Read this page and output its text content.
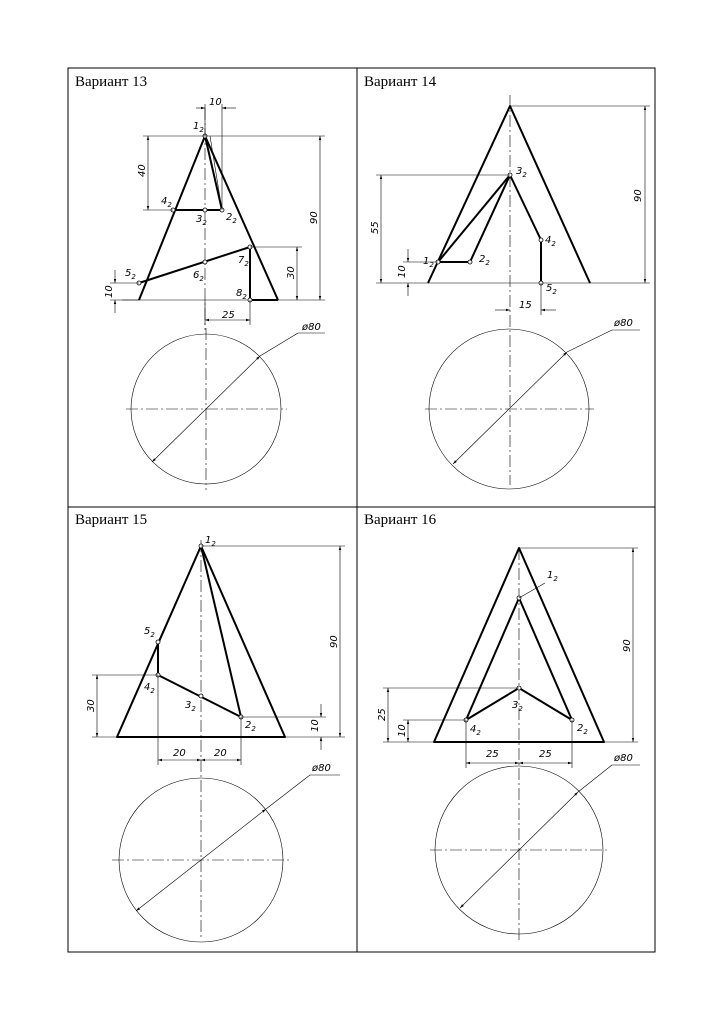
Вариант 13
$1_2$
$4_2$
$3_2$ $2_2$
$5_2$	$6_2$
$7_2$
$8_2$
10
40
90
30
10
25
ø80
Вариант 14
$1_2$	$2_2$
$3_2$
$4_2$
$5_2$
55
10
90
15
ø80
Вариант 15
$1_2$
$5_2$
$4_2$
$3_2$
$2_2$
30
90
10
20	20
ø80
Вариант 16
$1_2$
$4_2$
$3_2$
$2_2$
25
10
90
25	25	ø80
